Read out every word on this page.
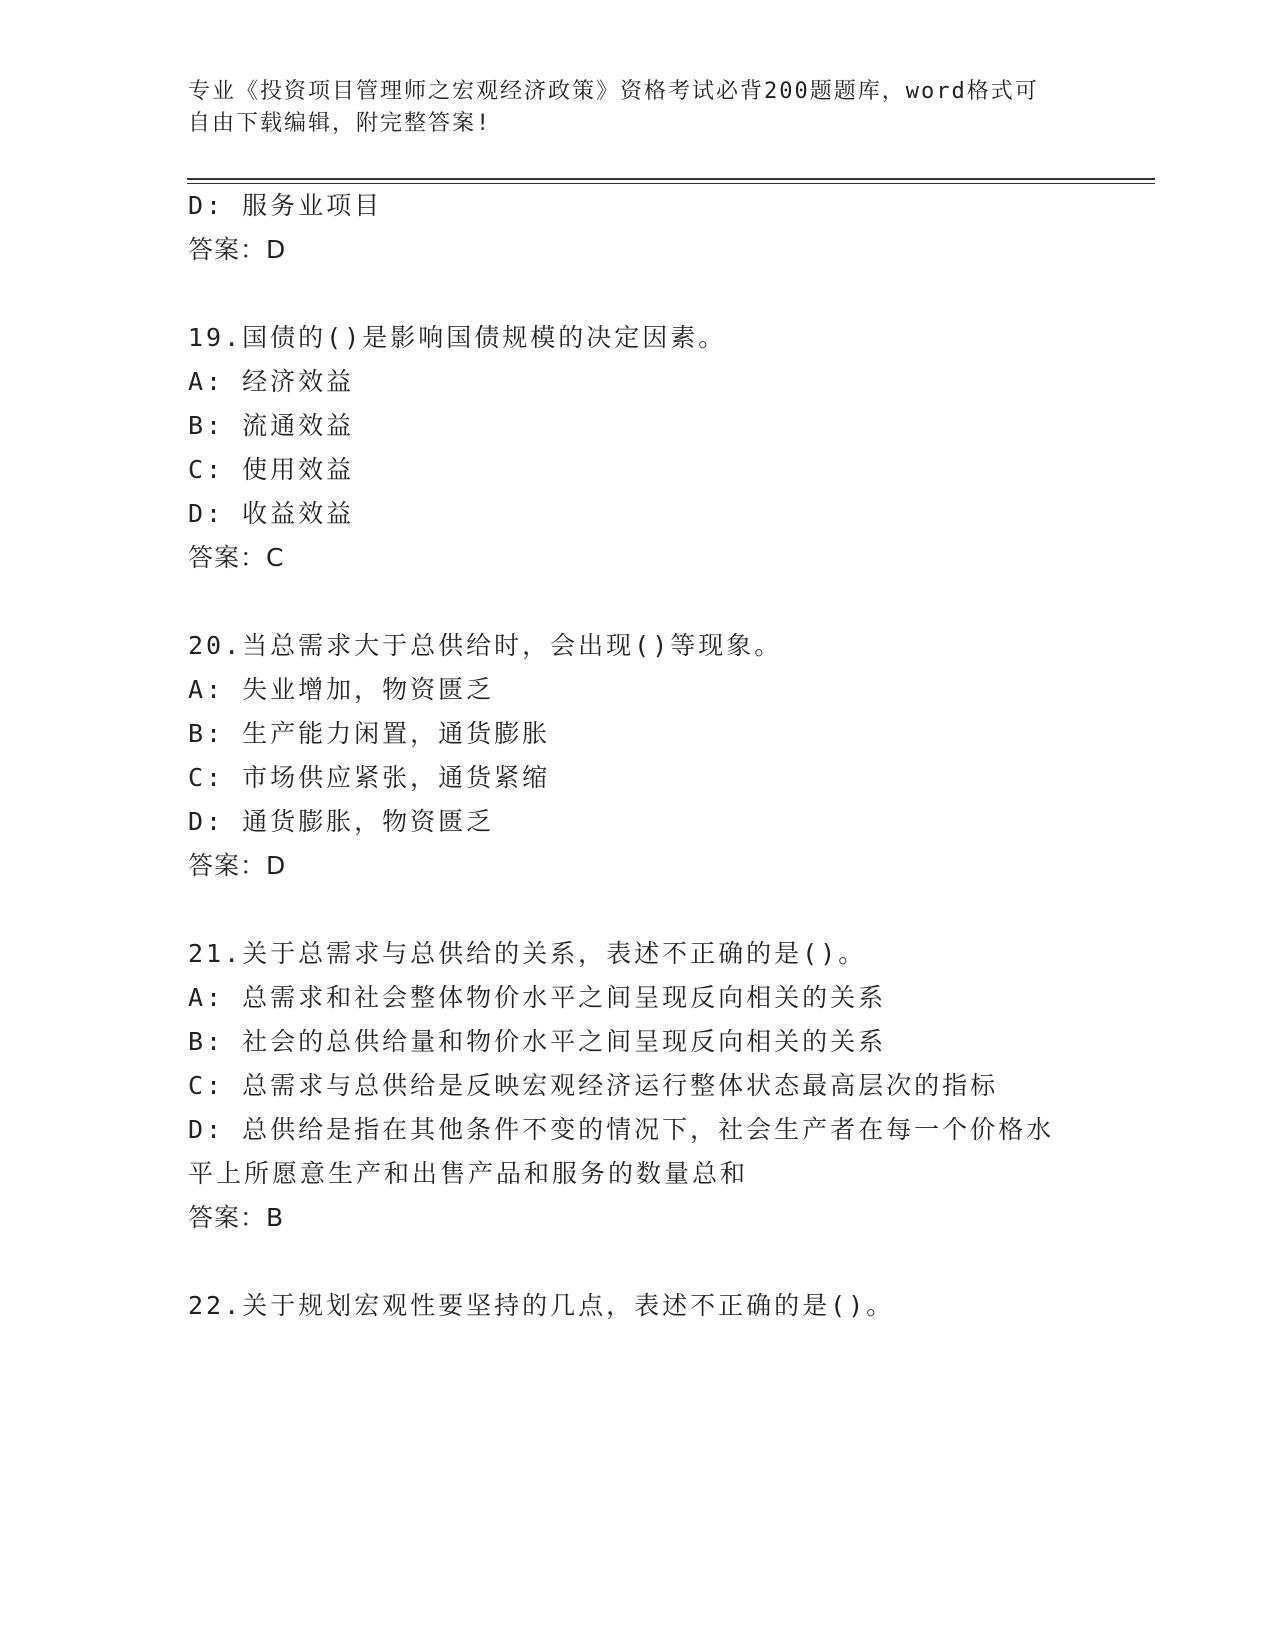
专业《投资项目管理师之宏观经济政策》资格考试必背200题题库，word格式可
自由下载编辑，附完整答案!
D: 服务业项目
答案：D
19.国债的()是影响国债规模的决定因素。
A: 经济效益
B: 流通效益
C: 使用效益
D: 收益效益
答案：C
20.当总需求大于总供给时，会出现()等现象。
A: 失业增加，物资匮乏
B: 生产能力闲置，通货膨胀
C: 市场供应紧张，通货紧缩
D: 通货膨胀，物资匮乏
答案：D
21.关于总需求与总供给的关系，表述不正确的是()。
A: 总需求和社会整体物价水平之间呈现反向相关的关系
B: 社会的总供给量和物价水平之间呈现反向相关的关系
C: 总需求与总供给是反映宏观经济运行整体状态最高层次的指标
D: 总供给是指在其他条件不变的情况下，社会生产者在每一个价格水
平上所愿意生产和出售产品和服务的数量总和
答案：B
22.关于规划宏观性要坚持的几点，表述不正确的是()。
